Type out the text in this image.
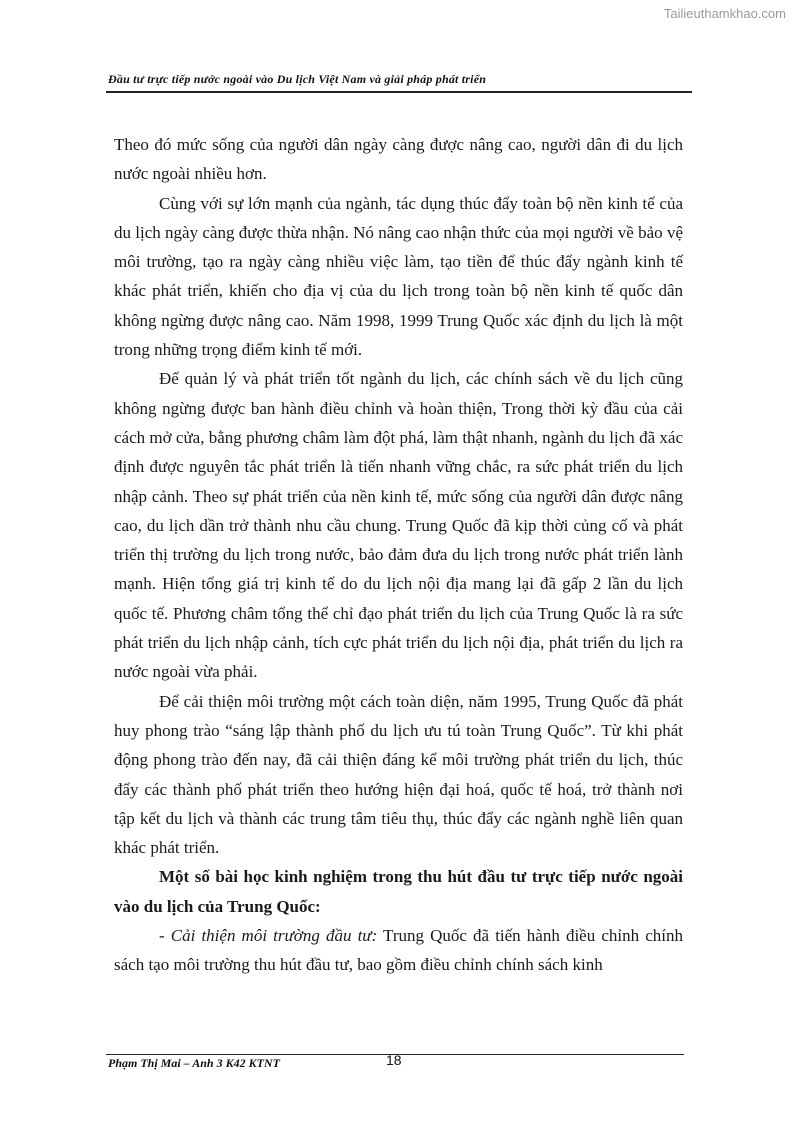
Tailieuthamkhao.com
Đầu tư trực tiếp nước ngoài vào Du lịch Việt Nam và giải pháp phát triển

Theo đó mức sống của người dân ngày càng được nâng cao, người dân đi du lịch nước ngoài nhiều hơn.

Cùng với sự lớn mạnh của ngành, tác dụng thúc đẩy toàn bộ nền kinh tế của du lịch ngày càng được thừa nhận. Nó nâng cao nhận thức của mọi người về bảo vệ môi trường, tạo ra ngày càng nhiều việc làm, tạo tiền để thúc đẩy ngành kinh tế khác phát triển, khiến cho địa vị của du lịch trong toàn bộ nền kinh tế quốc dân không ngừng được nâng cao. Năm 1998, 1999 Trung Quốc xác định du lịch là một trong những trọng điểm kinh tế mới.

Để quản lý và phát triển tốt ngành du lịch, các chính sách về du lịch cũng không ngừng được ban hành điều chỉnh và hoàn thiện, Trong thời kỳ đầu của cải cách mở cửa, bằng phương châm làm đột phá, làm thật nhanh, ngành du lịch đã xác định được nguyên tắc phát triển là tiến nhanh vững chắc, ra sức phát triển du lịch nhập cảnh. Theo sự phát triển của nền kinh tế, mức sống của người dân được nâng cao, du lịch dần trở thành nhu cầu chung. Trung Quốc đã kịp thời củng cố và phát triển thị trường du lịch trong nước, bảo đảm đưa du lịch trong nước phát triển lành mạnh. Hiện tổng giá trị kinh tế do du lịch nội địa mang lại đã gấp 2 lần du lịch quốc tế. Phương châm tổng thể chỉ đạo phát triển du lịch của Trung Quốc là ra sức phát triển du lịch nhập cảnh, tích cực phát triển du lịch nội địa, phát triển du lịch ra nước ngoài vừa phải.

Để cải thiện môi trường một cách toàn diện, năm 1995, Trung Quốc đã phát huy phong trào “sáng lập thành phố du lịch ưu tú toàn Trung Quốc”. Từ khi phát động phong trào đến nay, đã cải thiện đáng kể môi trường phát triển du lịch, thúc đẩy các thành phố phát triển theo hướng hiện đại hoá, quốc tế hoá, trở thành nơi tập kết du lịch và thành các trung tâm tiêu thụ, thúc đẩy các ngành nghề liên quan khác phát triển.

Một số bài học kinh nghiệm trong thu hút đầu tư trực tiếp nước ngoài vào du lịch của Trung Quốc:

- Cải thiện môi trường đầu tư: Trung Quốc đã tiến hành điều chỉnh chính sách tạo môi trường thu hút đầu tư, bao gồm điều chỉnh chính sách kinh

Phạm Thị Mai – Anh 3 K42 KTNT	18
